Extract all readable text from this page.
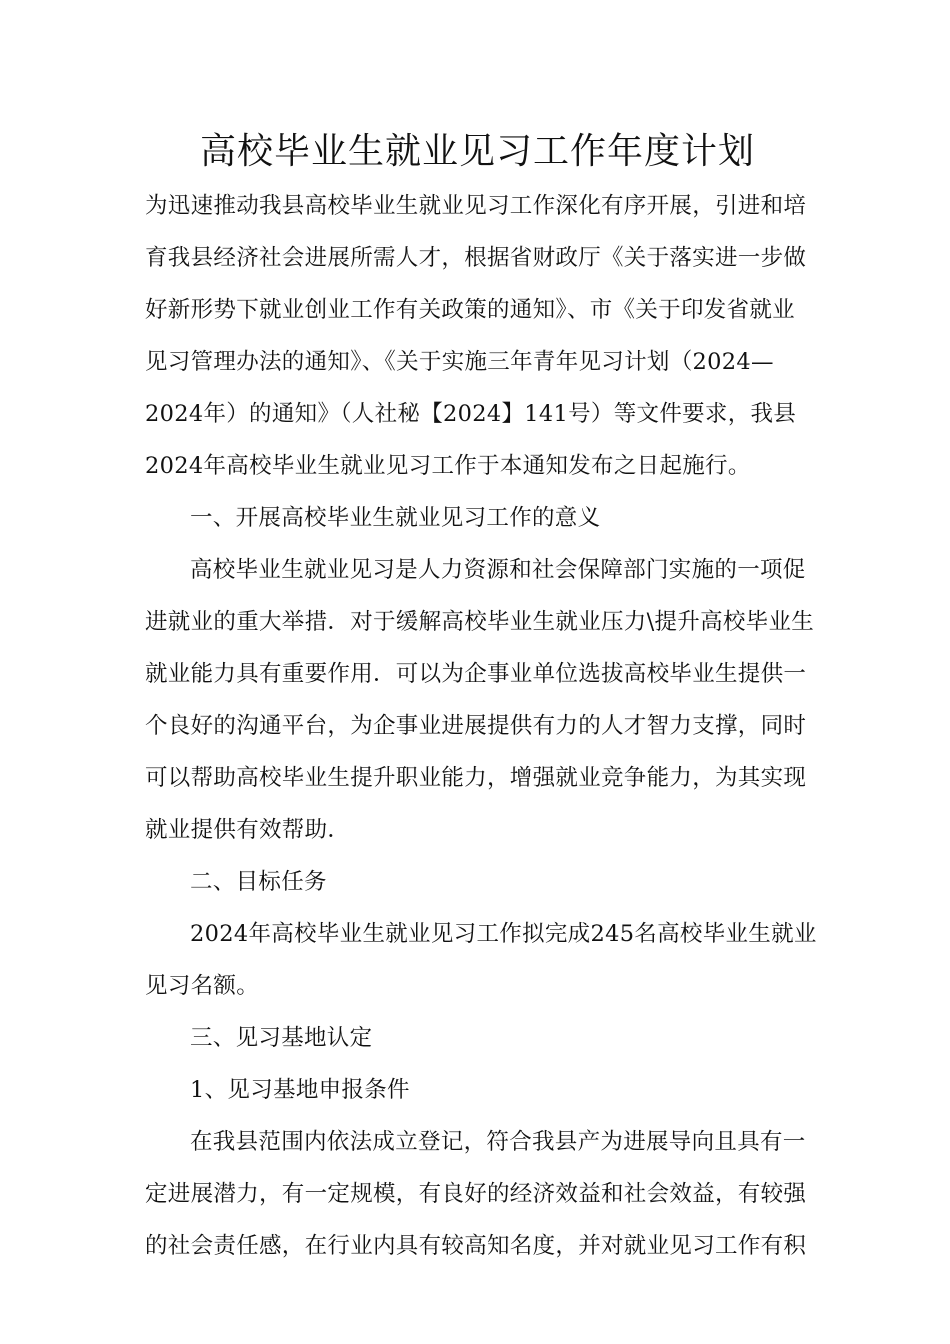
高校毕业生就业见习工作年度计划
为迅速推动我县高校毕业生就业见习工作深化有序开展，引进和培
育我县经济社会进展所需人才，根据省财政厅《关于落实进一步做
好新形势下就业创业工作有关政策的通知》、市《关于印发省就业
见习管理办法的通知》、《关于实施三年青年见习计划（2024—
2024年）的通知》（人社秘【2024】141号）等文件要求，我县
2024年高校毕业生就业见习工作于本通知发布之日起施行。
一、开展高校毕业生就业见习工作的意义
高校毕业生就业见习是人力资源和社会保障部门实施的一项促
进就业的重大举措．对于缓解高校毕业生就业压力\提升高校毕业生
就业能力具有重要作用．可以为企事业单位选拔高校毕业生提供一
个良好的沟通平台，为企事业进展提供有力的人才智力支撑，同时
可以帮助高校毕业生提升职业能力，增强就业竞争能力，为其实现
就业提供有效帮助．
二、目标任务
2024年高校毕业生就业见习工作拟完成245名高校毕业生就业
见习名额。
三、见习基地认定
1、见习基地申报条件
在我县范围内依法成立登记，符合我县产为进展导向且具有一
定进展潜力，有一定规模，有良好的经济效益和社会效益，有较强
的社会责任感，在行业内具有较高知名度，并对就业见习工作有积
